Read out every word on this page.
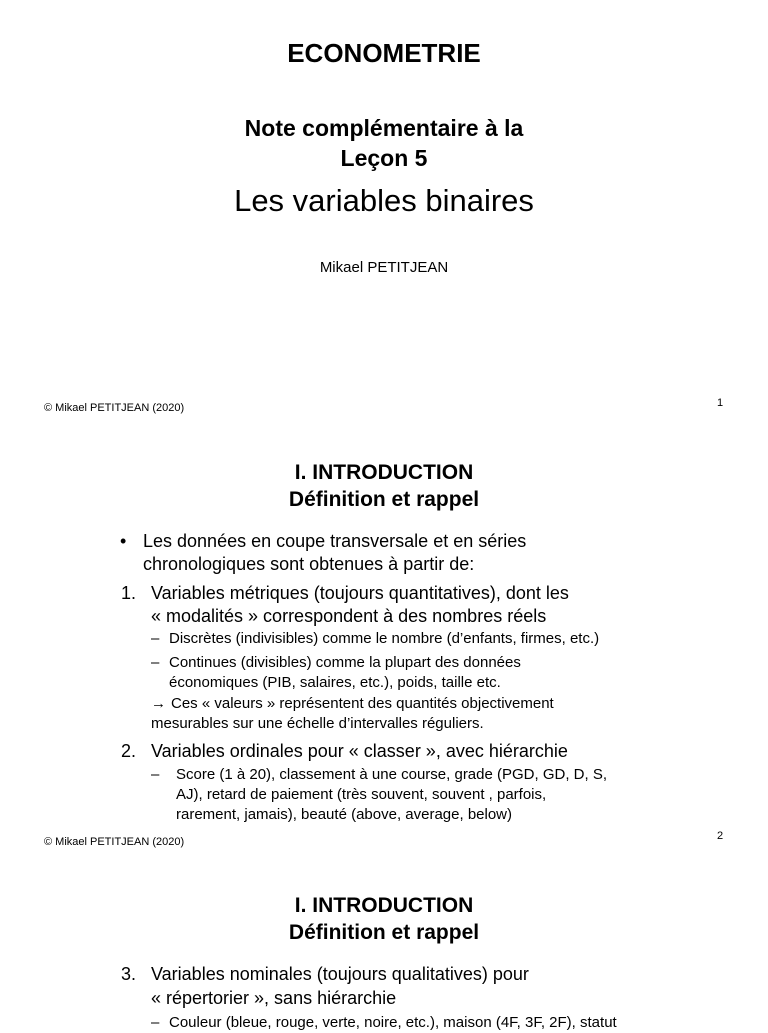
ECONOMETRIE
Note complémentaire à la
Leçon 5
Les variables binaires
Mikael PETITJEAN
© Mikael PETITJEAN (2020)	1
I. INTRODUCTION
Définition et rappel
• Les données en coupe transversale et en séries
chronologiques sont obtenues à partir de:
1. Variables métriques (toujours quantitatives), dont les
« modalités » correspondent à des nombres réels
– Discrètes (indivisibles) comme le nombre (d’enfants, firmes, etc.)
– Continues (divisibles) comme la plupart des données
économiques (PIB, salaires, etc.), poids, taille etc.
→ Ces « valeurs » représentent des quantités objectivement
mesurables sur une échelle d’intervalles réguliers.
2. Variables ordinales pour « classer », avec hiérarchie
– Score (1 à 20), classement à une course, grade (PGD, GD, D, S,
AJ), retard de paiement (très souvent, souvent , parfois,
rarement, jamais), beauté (above, average, below)
© Mikael PETITJEAN (2020)	2
I. INTRODUCTION
Définition et rappel
3. Variables nominales (toujours qualitatives) pour
« répertorier », sans hiérarchie
– Couleur (bleue, rouge, verte, noire, etc.), maison (4F, 3F, 2F), statut
